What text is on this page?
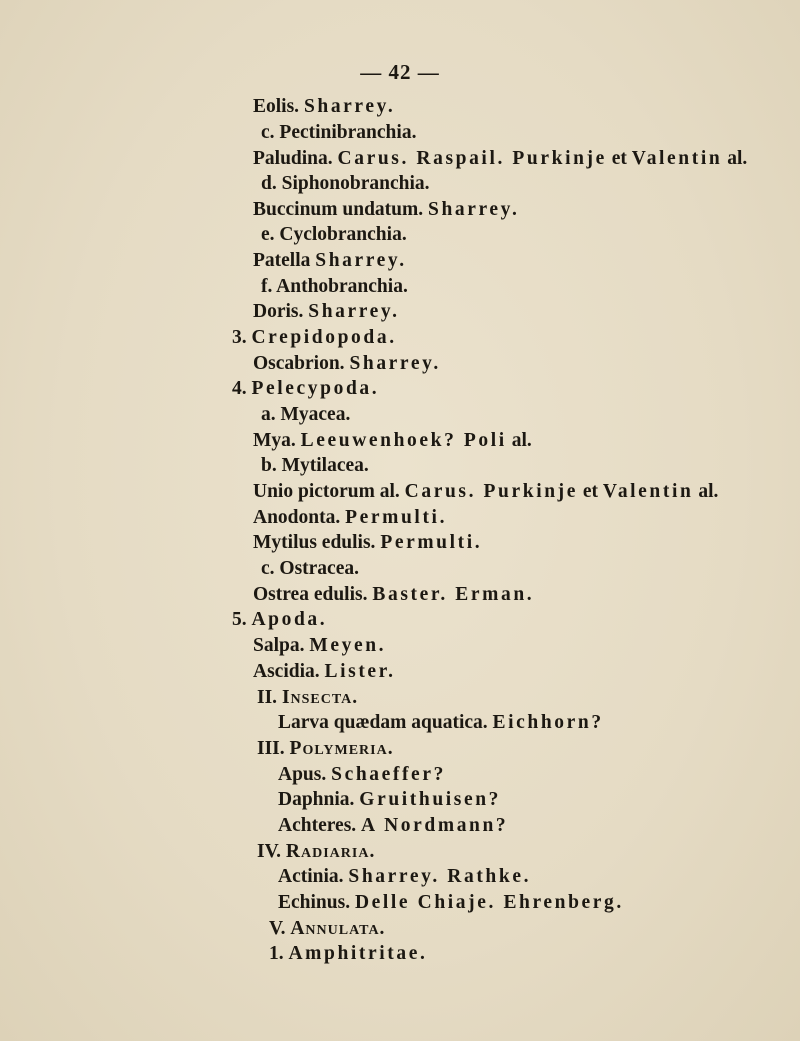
— 42 —
Eolis. Sharrey.
c. Pectinibranchia.
Paludina. Carus. Raspail. Purkinje et Valentin al.
d. Siphonobranchia.
Buccinum undatum. Sharrey.
e. Cyclobranchia.
Patella Sharrey.
f. Anthobranchia.
Doris. Sharrey.
3. Crepidopoda.
Oscabrion. Sharrey.
4. Pelecypoda.
a. Myacea.
Mya. Leeuwenhoek? Poli al.
b. Mytilacea.
Unio pictorum al. Carus. Purkinje et Valentin al.
Anodonta. Permulti.
Mytilus edulis. Permulti.
c. Ostracea.
Ostrea edulis. Baster. Erman.
5. Apoda.
Salpa. Meyen.
Ascidia. Lister.
II. Insecta.
Larva quædam aquatica. Eichhorn?
III. Polymeria.
Apus. Schaeffer?
Daphnia. Gruithuisen?
Achteres. A Nordmann?
IV. Radiaria.
Actinia. Sharrey. Rathke.
Echinus. Delle Chiaje. Ehrenberg.
V. Annulata.
1. Amphitritae.
